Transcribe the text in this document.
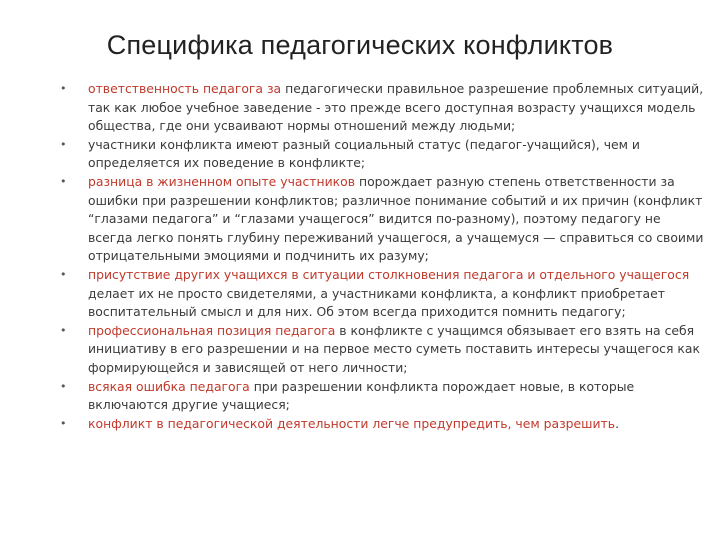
Специфика педагогических конфликтов
• ответственность педагога за педагогически правильное разрешение проблемных ситуаций, так как любое учебное заведение - это прежде всего доступная возрасту учащихся модель общества, где они усваивают нормы отношений между людьми;
• участники конфликта имеют разный социальный статус (педагог-учащийся), чем и определяется их поведение в конфликте;
• разница в жизненном опыте участников порождает разную степень ответственности за ошибки при разрешении конфликтов; различное понимание событий и их причин (конфликт “глазами педагога” и “глазами учащегося” видится по-разному), поэтому педагогу не всегда легко понять глубину переживаний учащегося, а учащемуся — справиться со своими отрицательными эмоциями и подчинить их разуму;
• присутствие других учащихся в ситуации столкновения педагога и отдельного учащегося делает их не просто свидетелями, а участниками конфликта, а конфликт приобретает воспитательный смысл и для них. Об этом всегда приходится помнить педагогу;
• профессиональная позиция педагога в конфликте с учащимся обязывает его взять на себя инициативу в его разрешении и на первое место суметь поставить интересы учащегося как формирующейся и зависящей от него личности;
• всякая ошибка педагога при разрешении конфликта порождает новые, в которые включаются другие учащиеся;
• конфликт в педагогической деятельности легче предупредить, чем разрешить.
